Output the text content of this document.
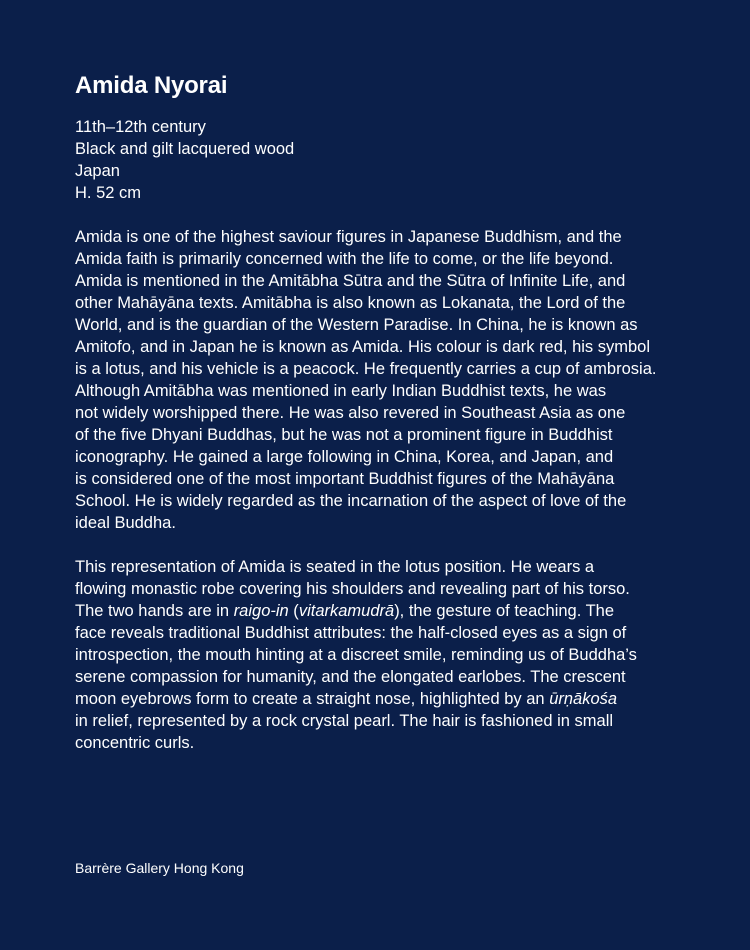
Amida Nyorai
11th–12th century
Black and gilt lacquered wood
Japan
H. 52 cm
Amida is one of the highest saviour figures in Japanese Buddhism, and the
Amida faith is primarily concerned with the life to come, or the life beyond.
Amida is mentioned in the Amitābha Sūtra and the Sūtra of Infinite Life, and
other Mahāyāna texts. Amitābha is also known as Lokanata, the Lord of the
World, and is the guardian of the Western Paradise. In China, he is known as
Amitofo, and in Japan he is known as Amida. His colour is dark red, his symbol
is a lotus, and his vehicle is a peacock. He frequently carries a cup of ambrosia.
Although Amitābha was mentioned in early Indian Buddhist texts, he was
not widely worshipped there. He was also revered in Southeast Asia as one
of the five Dhyani Buddhas, but he was not a prominent figure in Buddhist
iconography. He gained a large following in China, Korea, and Japan, and
is considered one of the most important Buddhist figures of the Mahāyāna
School. He is widely regarded as the incarnation of the aspect of love of the
ideal Buddha.
This representation of Amida is seated in the lotus position. He wears a
flowing monastic robe covering his shoulders and revealing part of his torso.
The two hands are in raigo-in (vitarkamudrā), the gesture of teaching. The
face reveals traditional Buddhist attributes: the half-closed eyes as a sign of
introspection, the mouth hinting at a discreet smile, reminding us of Buddha’s
serene compassion for humanity, and the elongated earlobes. The crescent
moon eyebrows form to create a straight nose, highlighted by an ūrṇākośa
in relief, represented by a rock crystal pearl. The hair is fashioned in small
concentric curls.
Barrère Gallery Hong Kong
